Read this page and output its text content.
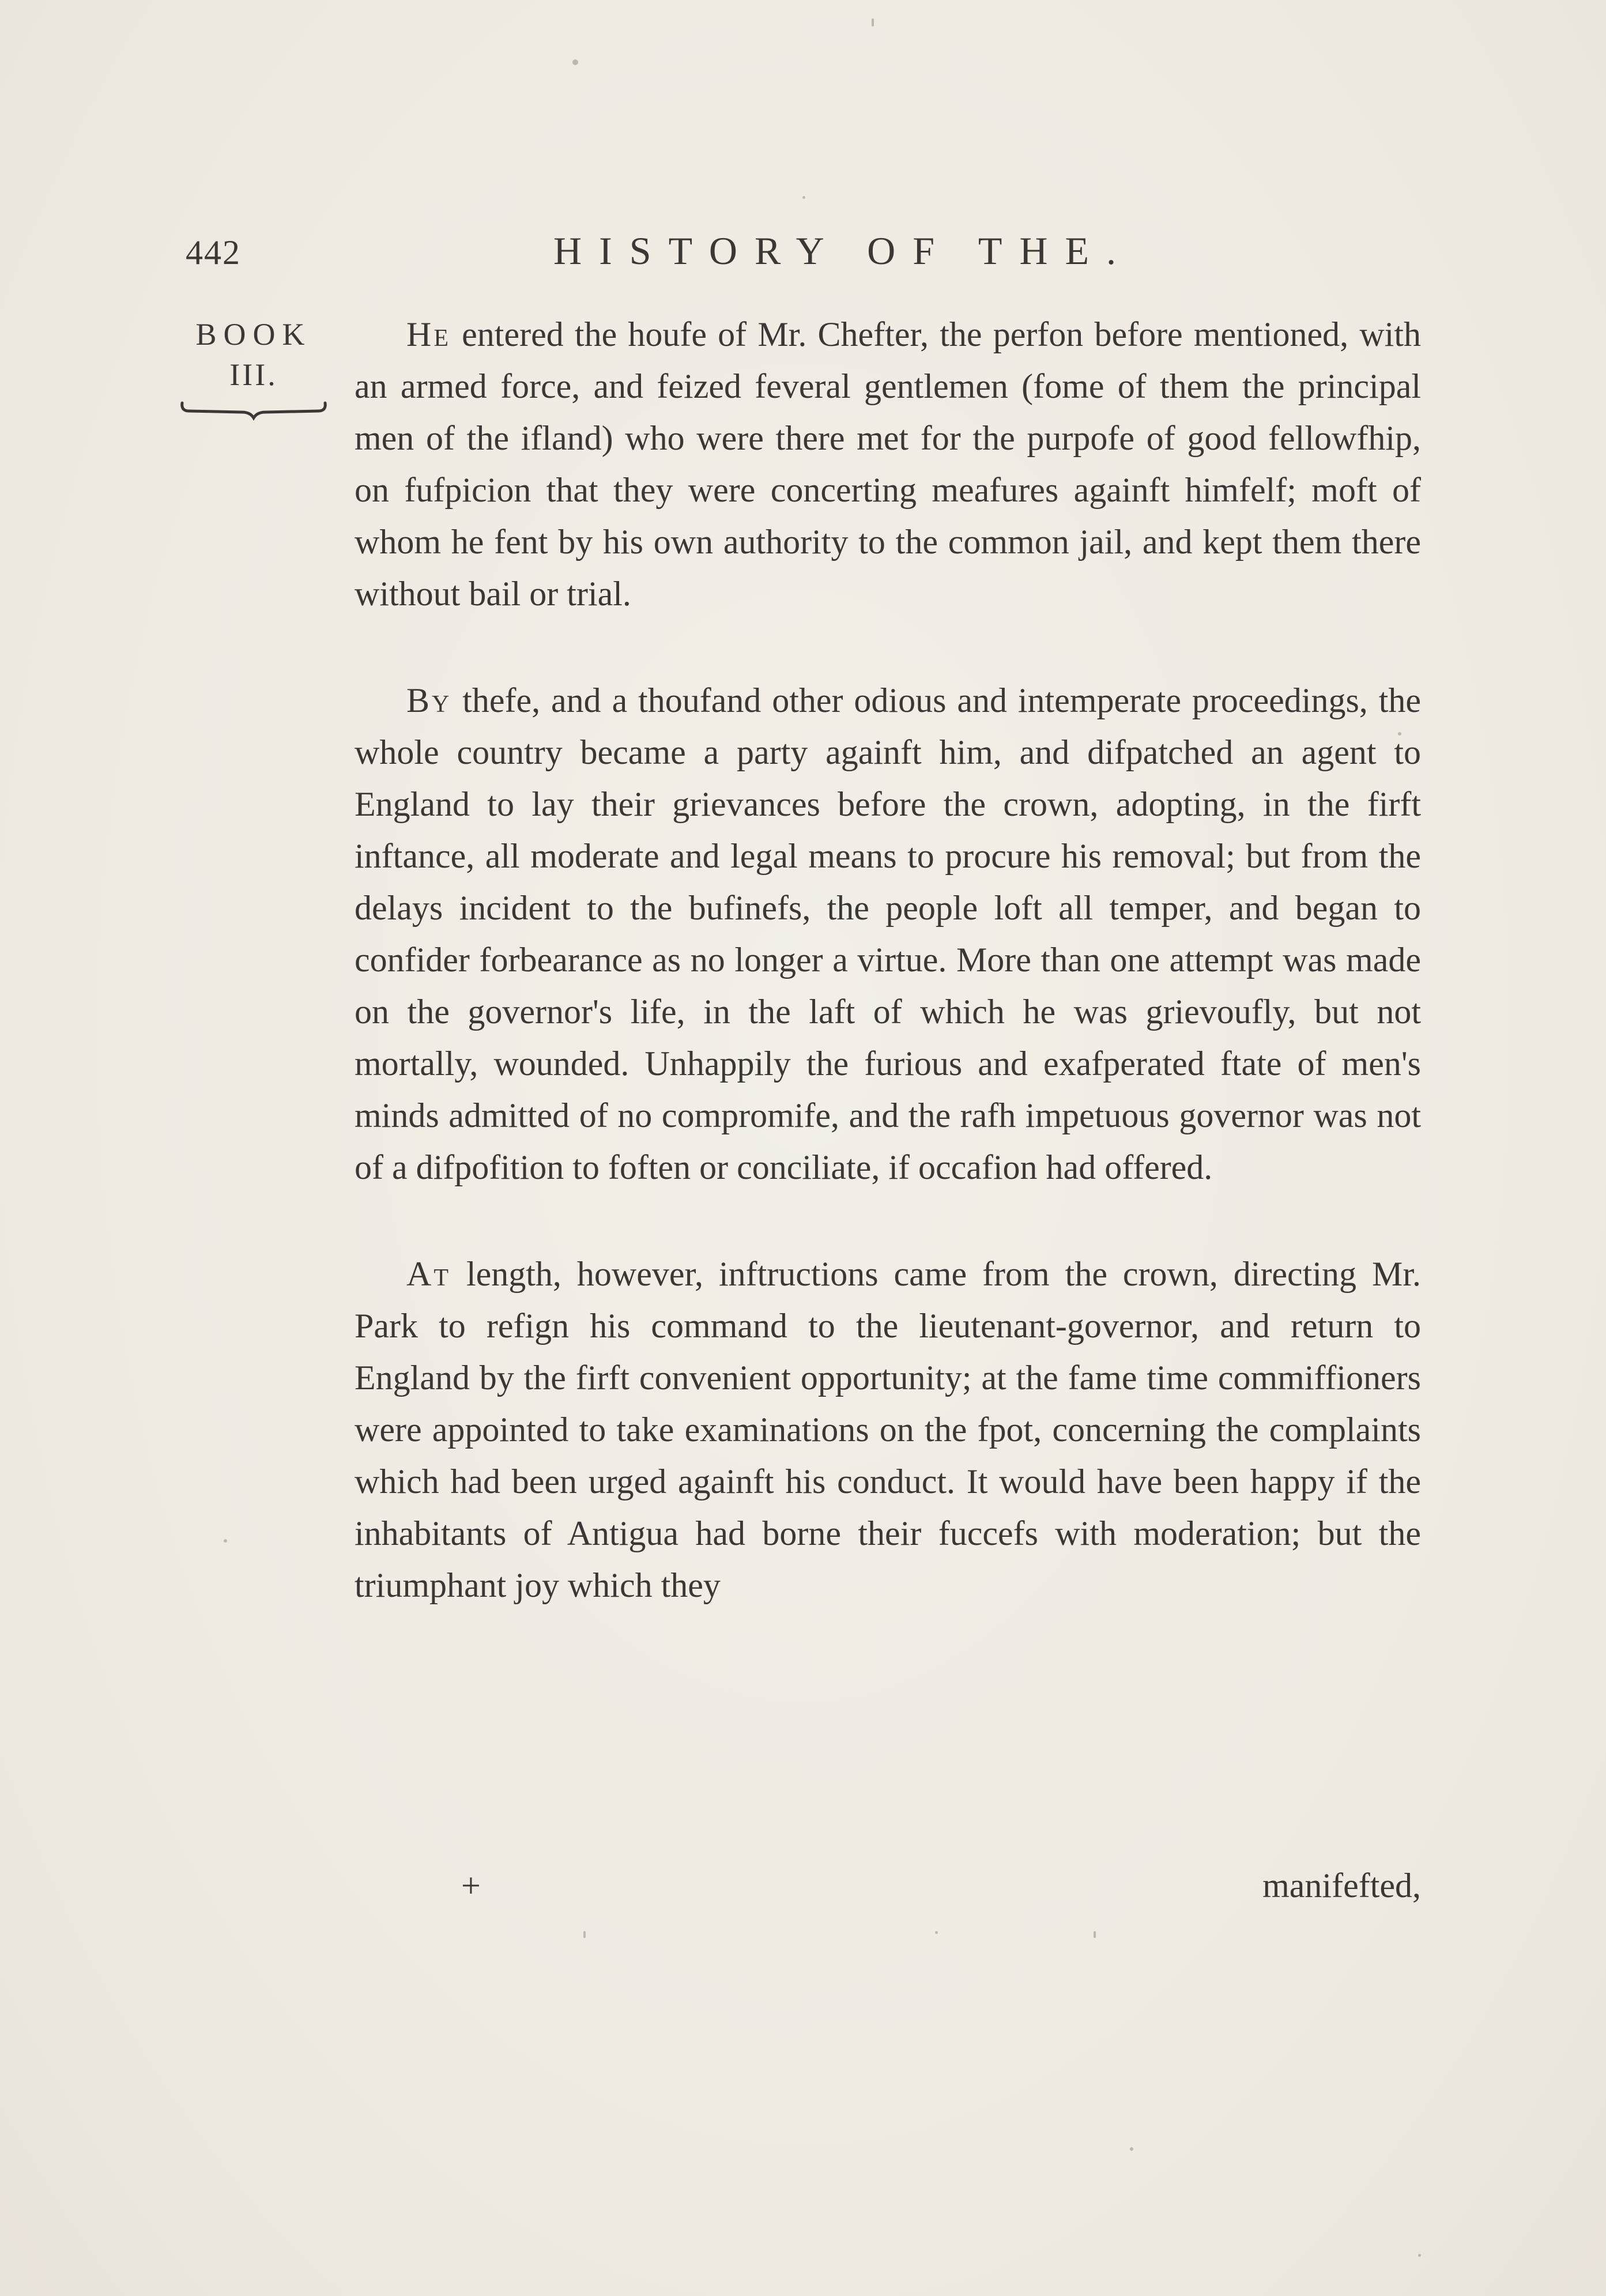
442	HISTORY OF THE.
BOOK
III.

He entered the houfe of Mr. Chefter, the perfon before mentioned, with an armed force, and feized feveral gentlemen (fome of them the principal men of the ifland) who were there met for the purpofe of good fellowfhip, on fufpicion that they were concerting meafures againft himfelf; moft of whom he fent by his own authority to the common jail, and kept them there without bail or trial.

By thefe, and a thoufand other odious and intemperate proceedings, the whole country became a party againft him, and difpatched an agent to England to lay their grievances before the crown, adopting, in the firft inftance, all moderate and legal means to procure his removal; but from the delays incident to the bufinefs, the people loft all temper, and began to confider forbearance as no longer a virtue. More than one attempt was made on the governor's life, in the laft of which he was grievoufly, but not mortally, wounded. Unhappily the furious and exafperated ftate of men's minds admitted of no compromife, and the rafh impetuous governor was not of a difpofition to foften or conciliate, if occafion had offered.

At length, however, inftructions came from the crown, directing Mr. Park to refign his command to the lieutenant-governor, and return to England by the firft convenient opportunity; at the fame time commiffioners were appointed to take examinations on the fpot, concerning the complaints which had been urged againft his conduct. It would have been happy if the inhabitants of Antigua had borne their fuccefs with moderation; but the triumphant joy which they

+	manifefted,
